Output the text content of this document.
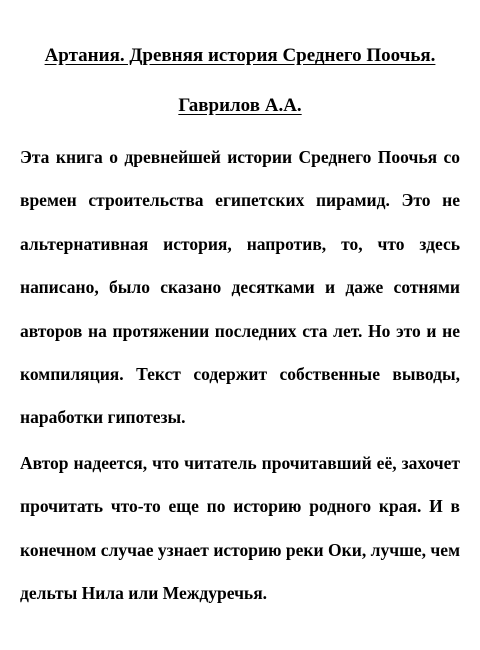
Артания. Древняя история Среднего Поочья.
Гаврилов А.А.

Эта книга о древнейшей истории Среднего Поочья со времен строительства египетских пирамид. Это не альтернативная история, напротив, то, что здесь написано, было сказано десятками и даже сотнями авторов на протяжении последних ста лет. Но это и не компиляция. Текст содержит собственные выводы, наработки гипотезы.

Автор надеется, что читатель прочитавший её, захочет прочитать что-то еще по историю родного края. И в конечном случае узнает историю реки Оки, лучше, чем дельты Нила или Междуречья.
